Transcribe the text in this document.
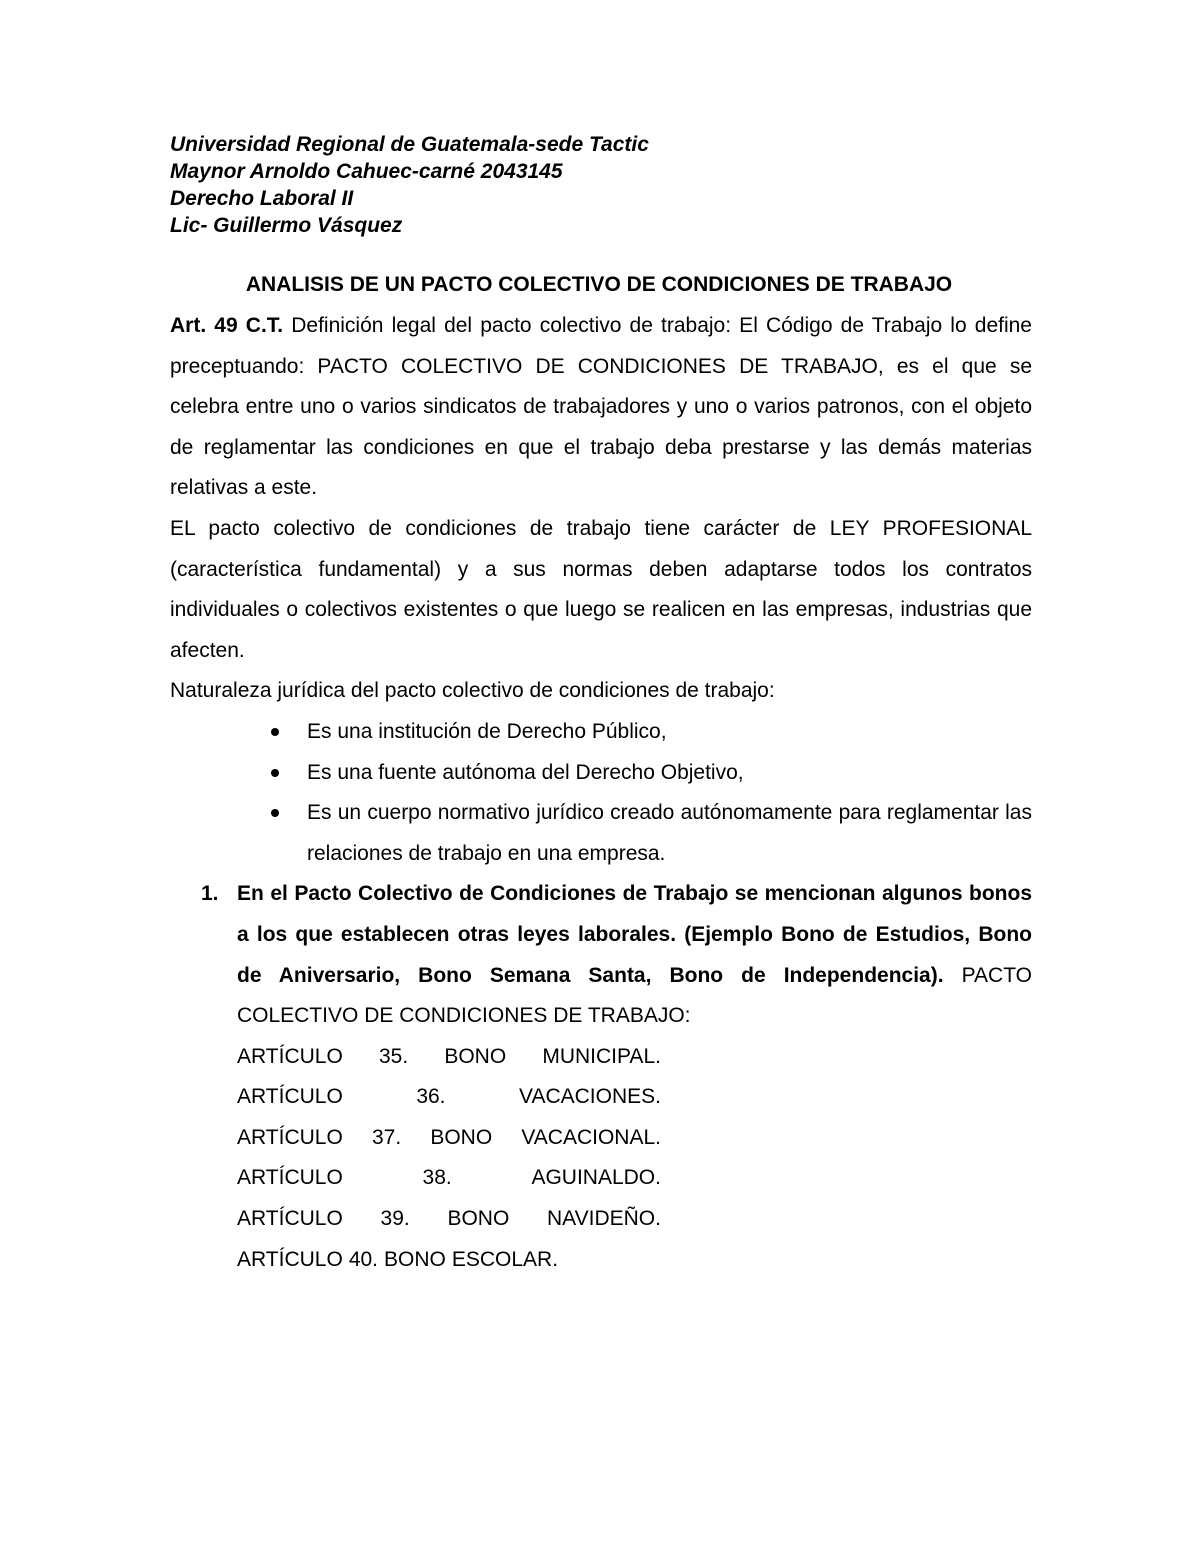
Universidad Regional de Guatemala-sede Tactic

Maynor Arnoldo Cahuec-carné 2043145

Derecho Laboral II

Lic- Guillermo Vásquez

ANALISIS DE UN PACTO COLECTIVO DE CONDICIONES DE TRABAJO

Art. 49 C.T. Definición legal del pacto colectivo de trabajo: El Código de Trabajo lo define preceptuando: PACTO COLECTIVO DE CONDICIONES DE TRABAJO, es el que se celebra entre uno o varios sindicatos de trabajadores y uno o varios patronos, con el objeto de reglamentar las condiciones en que el trabajo deba prestarse y las demás materias relativas a este.

EL pacto colectivo de condiciones de trabajo tiene carácter de LEY PROFESIONAL (característica fundamental) y a sus normas deben adaptarse todos los contratos individuales o colectivos existentes o que luego se realicen en las empresas, industrias que afecten.

Naturaleza jurídica del pacto colectivo de condiciones de trabajo:

Es una institución de Derecho Público,
Es una fuente autónoma del Derecho Objetivo,
Es un cuerpo normativo jurídico creado autónomamente para reglamentar las relaciones de trabajo en una empresa.
1. En el Pacto Colectivo de Condiciones de Trabajo se mencionan algunos bonos a los que establecen otras leyes laborales. (Ejemplo Bono de Estudios, Bono de Aniversario, Bono Semana Santa, Bono de Independencia). PACTO COLECTIVO DE CONDICIONES DE TRABAJO:

ARTÍCULO 35. BONO MUNICIPAL.
ARTÍCULO	36.	VACACIONES.
ARTÍCULO 37. BONO VACACIONAL.
ARTÍCULO	38.	AGUINALDO.
ARTÍCULO 39. BONO NAVIDEÑO.
ARTÍCULO 40. BONO ESCOLAR.
